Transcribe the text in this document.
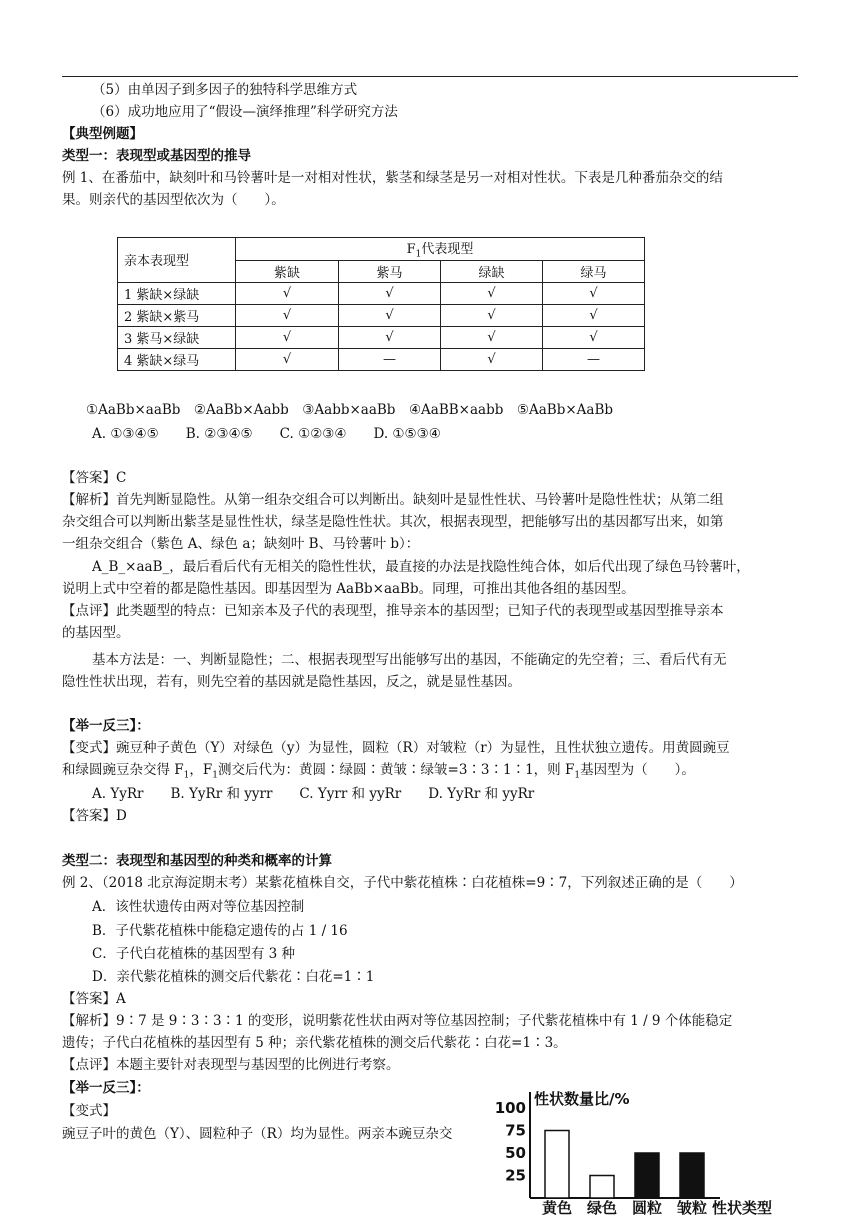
（5）由单因子到多因子的独特科学思维方式
（6）成功地应用了“假设—演绎推理”科学研究方法
【典型例题】
类型一：表现型或基因型的推导
例 1、在番茄中，缺刻叶和马铃薯叶是一对相对性状，紫茎和绿茎是另一对相对性状。下表是几种番茄杂交的结
果。则亲代的基因型依次为（　　）。
亲本表现型	$F_1$代表现型			
	紫缺	紫马	绿缺	绿马
1 紫缺×绿缺	√	√	√	√
2 紫缺×紫马	√	√	√	√
3 紫马×绿缺	√	√	√	√
4 紫缺×绿马	√	—	√	—
①AaBb×aaBb　②AaBb×Aabb　③Aabb×aaBb　④AaBB×aabb　⑤AaBb×AaBb
A. ①③④⑤　　B. ②③④⑤　　C. ①②③④　　D. ①⑤③④
【答案】C
【解析】首先判断显隐性。从第一组杂交组合可以判断出。缺刻叶是显性性状、马铃薯叶是隐性性状；从第二组
杂交组合可以判断出紫茎是显性性状，绿茎是隐性性状。其次，根据表现型，把能够写出的基因都写出来，如第
一组杂交组合（紫色 A、绿色 a；缺刻叶 B、马铃薯叶 b）：
A_B_×aaB_，最后看后代有无相关的隐性性状，最直接的办法是找隐性纯合体，如后代出现了绿色马铃薯叶，
说明上式中空着的都是隐性基因。即基因型为 AaBb×aaBb。同理，可推出其他各组的基因型。
【点评】此类题型的特点：已知亲本及子代的表现型，推导亲本的基因型；已知子代的表现型或基因型推导亲本
的基因型。
基本方法是：一、判断显隐性；二、根据表现型写出能够写出的基因，不能确定的先空着；三、看后代有无
隐性性状出现，若有，则先空着的基因就是隐性基因，反之，就是显性基因。
【举一反三】：
【变式】豌豆种子黄色（Y）对绿色（y）为显性，圆粒（R）对皱粒（r）为显性，且性状独立遗传。用黄圆豌豆
和绿圆豌豆杂交得 $F_1$，$F_1$测交后代为：黄圆∶绿圆∶黄皱∶绿皱=3∶3∶1∶1，则 $F_1$基因型为（　　）。
A. YyRr　　B. YyRr 和 yyrr　　C. Yyrr 和 yyRr　　D. YyRr 和 yyRr
【答案】D
类型二：表现型和基因型的种类和概率的计算
例 2、（2018 北京海淀期末考）某紫花植株自交，子代中紫花植株∶白花植株=9∶7，下列叙述正确的是（　　）
A．该性状遗传由两对等位基因控制
B．子代紫花植株中能稳定遗传的占 1 / 16
C．子代白花植株的基因型有 3 种
D．亲代紫花植株的测交后代紫花∶白花=1∶1
【答案】A
【解析】9∶7 是 9∶3∶3∶1 的变形，说明紫花性状由两对等位基因控制；子代紫花植株中有 1 / 9 个体能稳定
遗传；子代白花植株的基因型有 5 种；亲代紫花植株的测交后代紫花∶白花=1∶3。
【点评】本题主要针对表现型与基因型的比例进行考察。
【举一反三】：
【变式】
豌豆子叶的黄色（Y）、圆粒种子（R）均为显性。两亲本豌豆杂交
性状数量比/%
100
75
50
25
黄色 绿色 圆粒 皱粒 性状类型
